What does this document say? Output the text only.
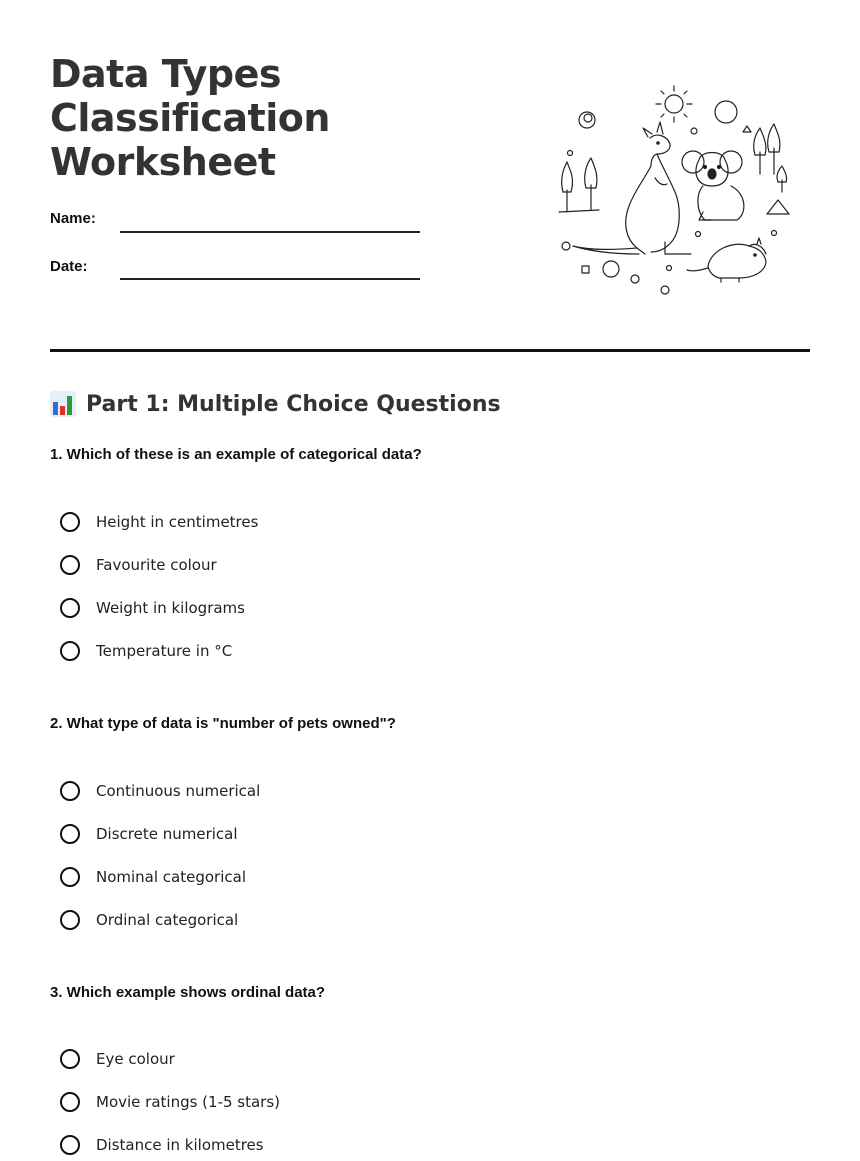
Data Types Classification Worksheet
Name:
Date:
Part 1: Multiple Choice Questions
1. Which of these is an example of categorical data?
Height in centimetres
Favourite colour
Weight in kilograms
Temperature in °C
2. What type of data is "number of pets owned"?
Continuous numerical
Discrete numerical
Nominal categorical
Ordinal categorical
3. Which example shows ordinal data?
Eye colour
Movie ratings (1-5 stars)
Distance in kilometres
